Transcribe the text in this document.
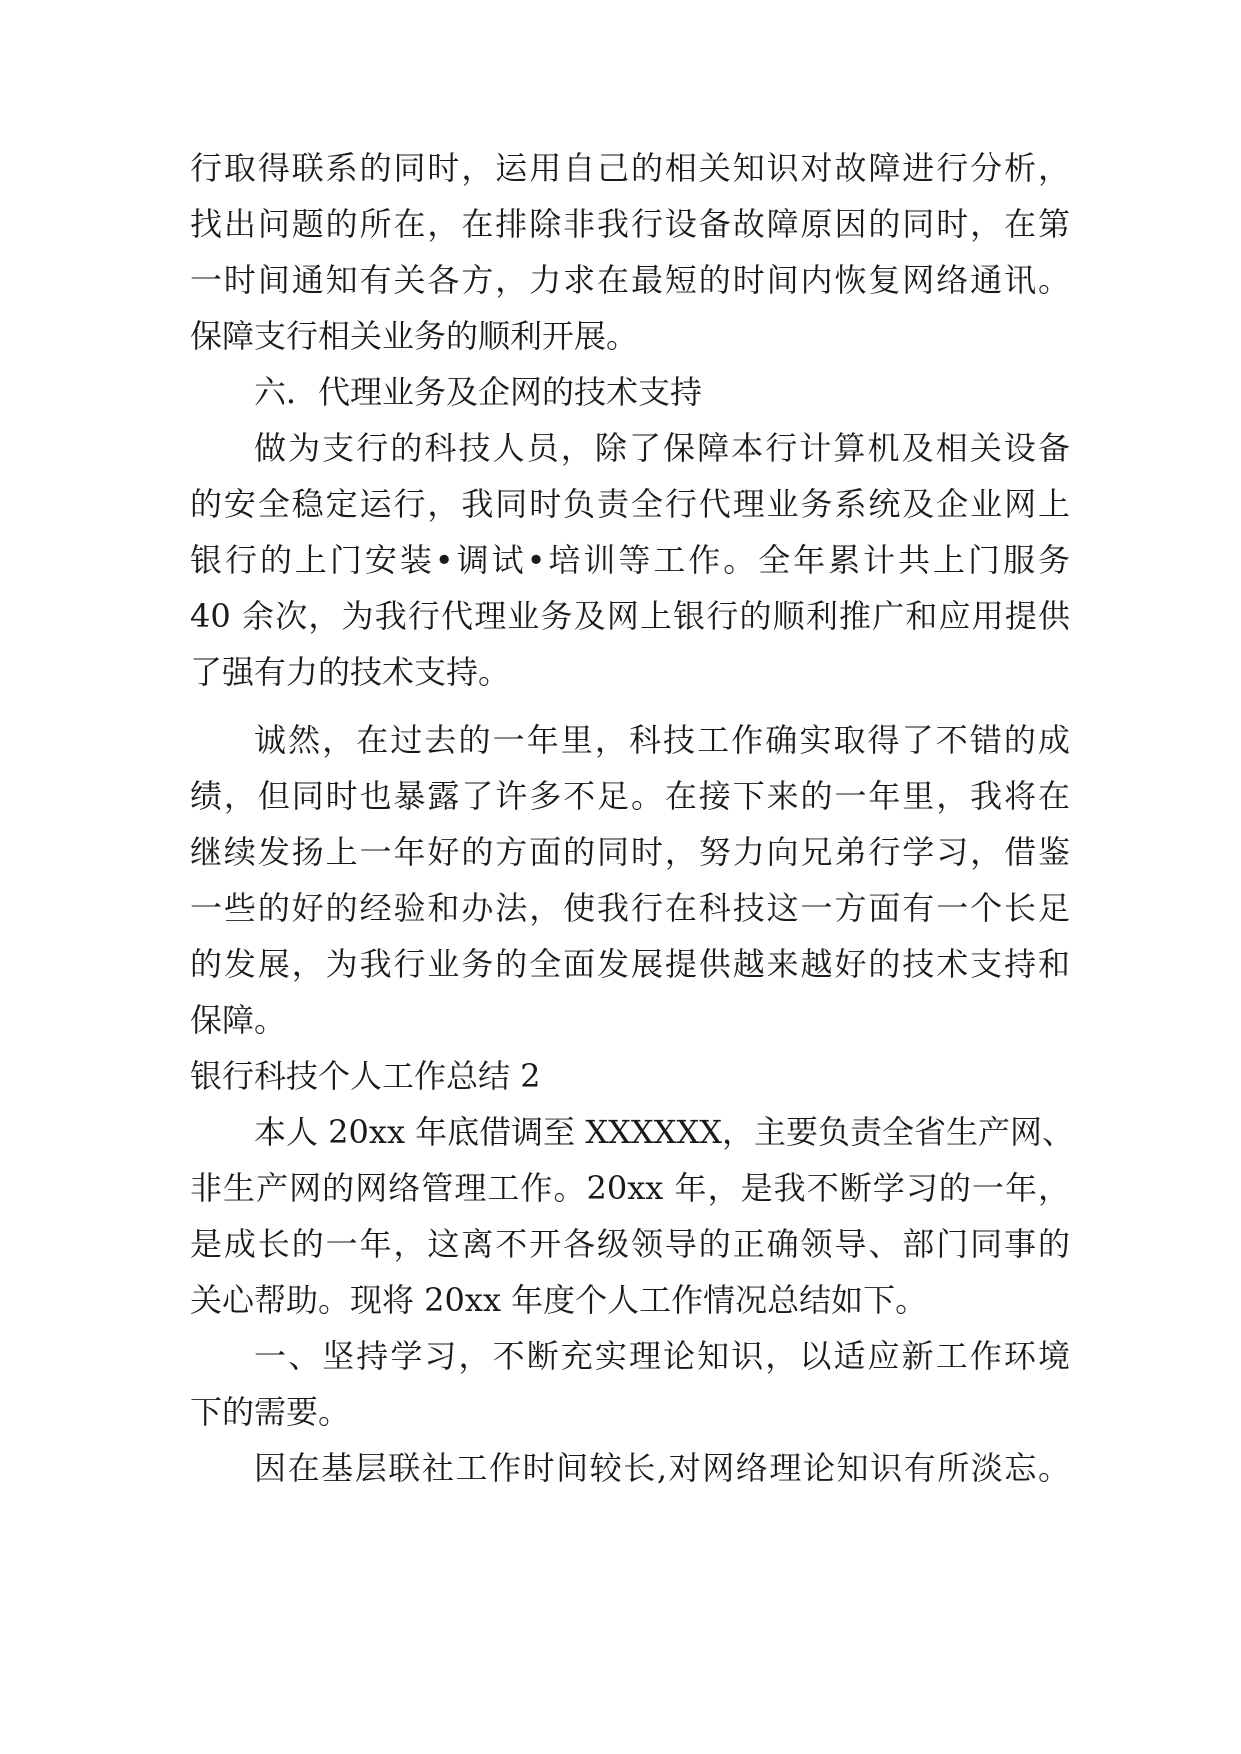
行取得联系的同时，运用自己的相关知识对故障进行分析，
找出问题的所在，在排除非我行设备故障原因的同时，在第
一时间通知有关各方，力求在最短的时间内恢复网络通讯。
保障支行相关业务的顺利开展。
六．代理业务及企网的技术支持
做为支行的科技人员，除了保障本行计算机及相关设备
的安全稳定运行，我同时负责全行代理业务系统及企业网上
银行的上门安装•调试•培训等工作。全年累计共上门服务
40 余次，为我行代理业务及网上银行的顺利推广和应用提供
了强有力的技术支持。
诚然，在过去的一年里，科技工作确实取得了不错的成
绩，但同时也暴露了许多不足。在接下来的一年里，我将在
继续发扬上一年好的方面的同时，努力向兄弟行学习，借鉴
一些的好的经验和办法，使我行在科技这一方面有一个长足
的发展，为我行业务的全面发展提供越来越好的技术支持和
保障。
银行科技个人工作总结 2
本人 20xx 年底借调至 XXXXXX，主要负责全省生产网、
非生产网的网络管理工作。20xx 年，是我不断学习的一年，
是成长的一年，这离不开各级领导的正确领导、部门同事的
关心帮助。现将 20xx 年度个人工作情况总结如下。
一、坚持学习，不断充实理论知识，以适应新工作环境
下的需要。
因在基层联社工作时间较长,对网络理论知识有所淡忘。
